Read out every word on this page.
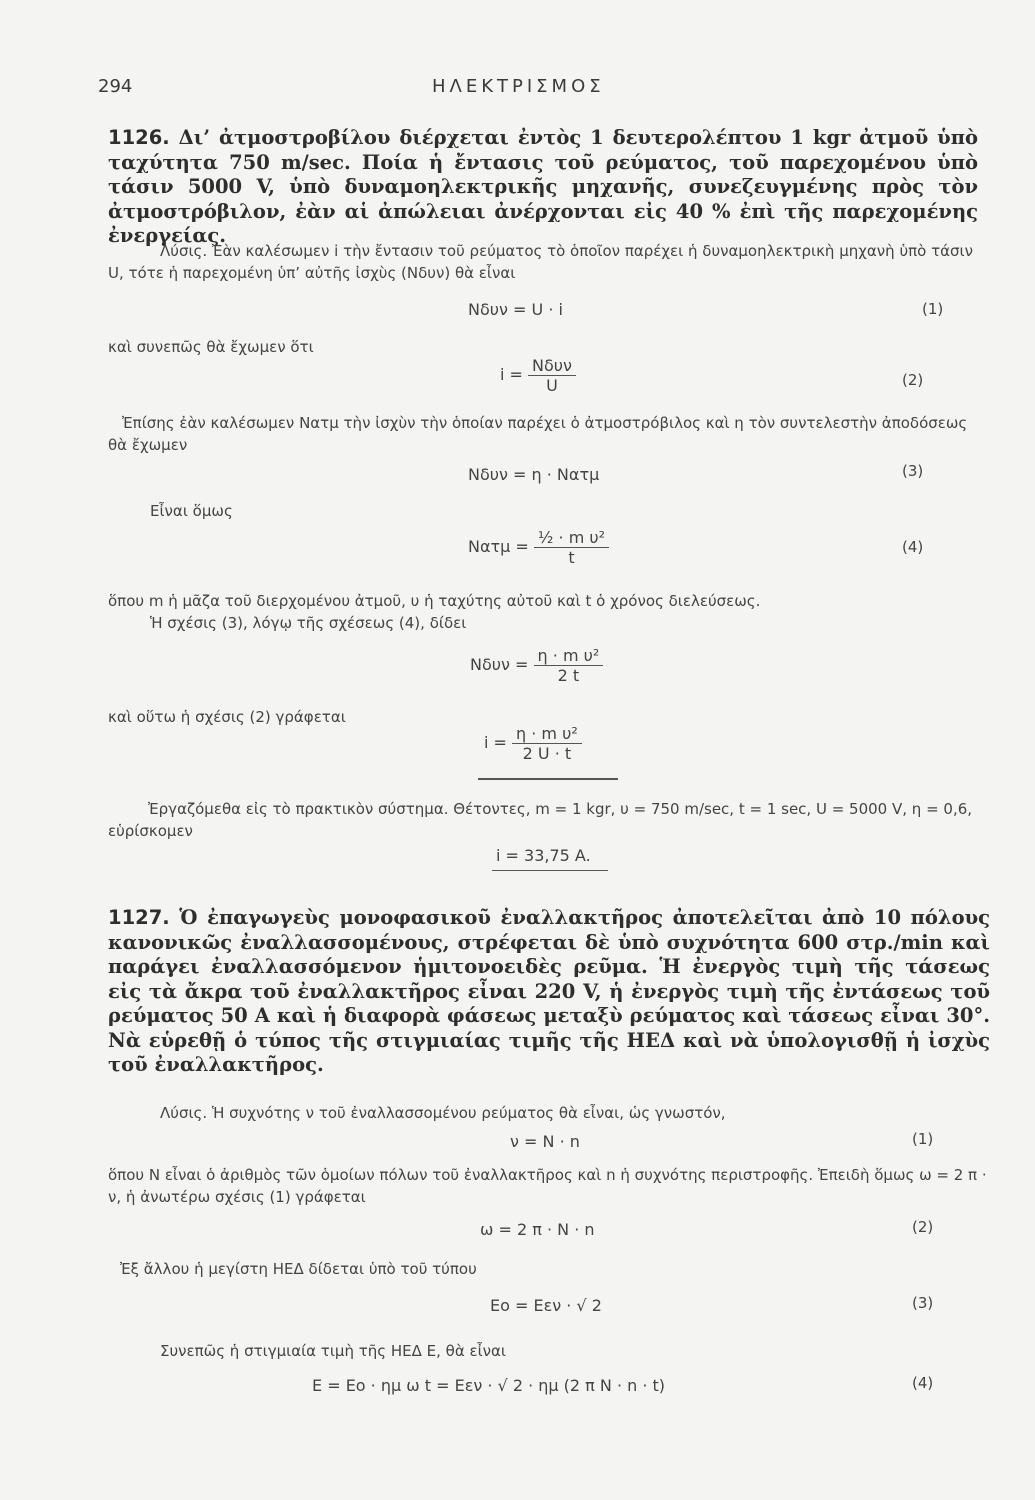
294	ΗΛΕΚΤΡΙΣΜΟΣ
1126. Δι’ ἀτμοστροβίλου διέρχεται ἐντὸς 1 δευτερολέπτου 1 kgr ἀτμοῦ ὑπὸ ταχύτητα 750 m/sec. Ποία ἡ ἔντασις τοῦ ρεύματος, τοῦ παρεχομένου ὑπὸ τάσιν 5000 V, ὑπὸ δυναμοηλεκτρικῆς μηχανῆς, συνεζευγμένης πρὸς τὸν ἀτμοστρόβιλον, ἐὰν αἱ ἀπώλειαι ἀνέρχονται εἰς 40 % ἐπὶ τῆς παρεχομένης ἐνεργείας.
Λύσις. Ἐὰν καλέσωμεν i τὴν ἔντασιν τοῦ ρεύματος τὸ ὁποῖον παρέχει ἡ δυναμοηλεκτρικὴ μηχανὴ ὑπὸ τάσιν U, τότε ἡ παρεχομένη ὑπ’ αὐτῆς ἰσχὺς (Nδυν) θὰ εἶναι
Nδυν = U · i	(1)
καὶ συνεπῶς θὰ ἔχωμεν ὅτι
$i = \frac{\text{Nδυν}}{U}$	(2)
Ἐπίσης ἐὰν καλέσωμεν Nατμ τὴν ἰσχὺν τὴν ὁποίαν παρέχει ὁ ἀτμοστρόβιλος καὶ η τὸν συντελεστὴν ἀποδόσεως θὰ ἔχωμεν
Nδυν = η · Nατμ	(3)
Εἶναι ὅμως
$N\alpha\tau\mu = \frac{\text{½ · m υ²}}{t}$	(4)
ὅπου m ἡ μᾶζα τοῦ διερχομένου ἀτμοῦ, υ ἡ ταχύτης αὐτοῦ καὶ t ὁ χρόνος διελεύσεως.
Ἡ σχέσις (3), λόγῳ τῆς σχέσεως (4), δίδει
$N\delta\upsilon\nu = \frac{\text{η · m υ²}}{2 t}$
καὶ οὕτω ἡ σχέσις (2) γράφεται
$i = \frac{\text{η · m υ²}}{2 U \cdot t}$
Ἐργαζόμεθα εἰς τὸ πρακτικὸν σύστημα. Θέτοντες, m = 1 kgr, υ = 750 m/sec, t = 1 sec, U = 5000 V, η = 0,6, εὑρίσκομεν
i = 33,75 A.
1127. Ὁ ἐπαγωγεὺς μονοφασικοῦ ἐναλλακτῆρος ἀποτελεῖται ἀπὸ 10 πόλους κανονικῶς ἐναλλασσομένους, στρέφεται δὲ ὑπὸ συχνότητα 600 στρ./min καὶ παράγει ἐναλλασσόμενον ἡμιτονοειδὲς ρεῦμα. Ἡ ἐνεργὸς τιμὴ τῆς τάσεως εἰς τὰ ἄκρα τοῦ ἐναλλακτῆρος εἶναι 220 V, ἡ ἐνεργὸς τιμὴ τῆς ἐντάσεως τοῦ ρεύματος 50 A καὶ ἡ διαφορὰ φάσεως μεταξὺ ρεύματος καὶ τάσεως εἶναι 30°. Νὰ εὑρεθῇ ὁ τύπος τῆς στιγμιαίας τιμῆς τῆς ΗΕΔ καὶ νὰ ὑπολογισθῇ ἡ ἰσχὺς τοῦ ἐναλλακτῆρος.
Λύσις. Ἡ συχνότης ν τοῦ ἐναλλασσομένου ρεύματος θὰ εἶναι, ὡς γνωστόν,
ν = N · n	(1)
ὅπου N εἶναι ὁ ἀριθμὸς τῶν ὁμοίων πόλων τοῦ ἐναλλακτῆρος καὶ n ἡ συχνότης περιστροφῆς. Ἐπειδὴ ὅμως ω = 2 π · ν, ἡ ἀνωτέρω σχέσις (1) γράφεται
ω = 2 π · N · n	(2)
Ἐξ ἄλλου ἡ μεγίστη ΗΕΔ δίδεται ὑπὸ τοῦ τύπου
Eo = Eεν · √ 2	(3)
Συνεπῶς ἡ στιγμιαία τιμὴ τῆς ΗΕΔ E, θὰ εἶναι
E = Eo · ημ ω t = Eεν · √ 2 · ημ (2 π N · n · t)	(4)
